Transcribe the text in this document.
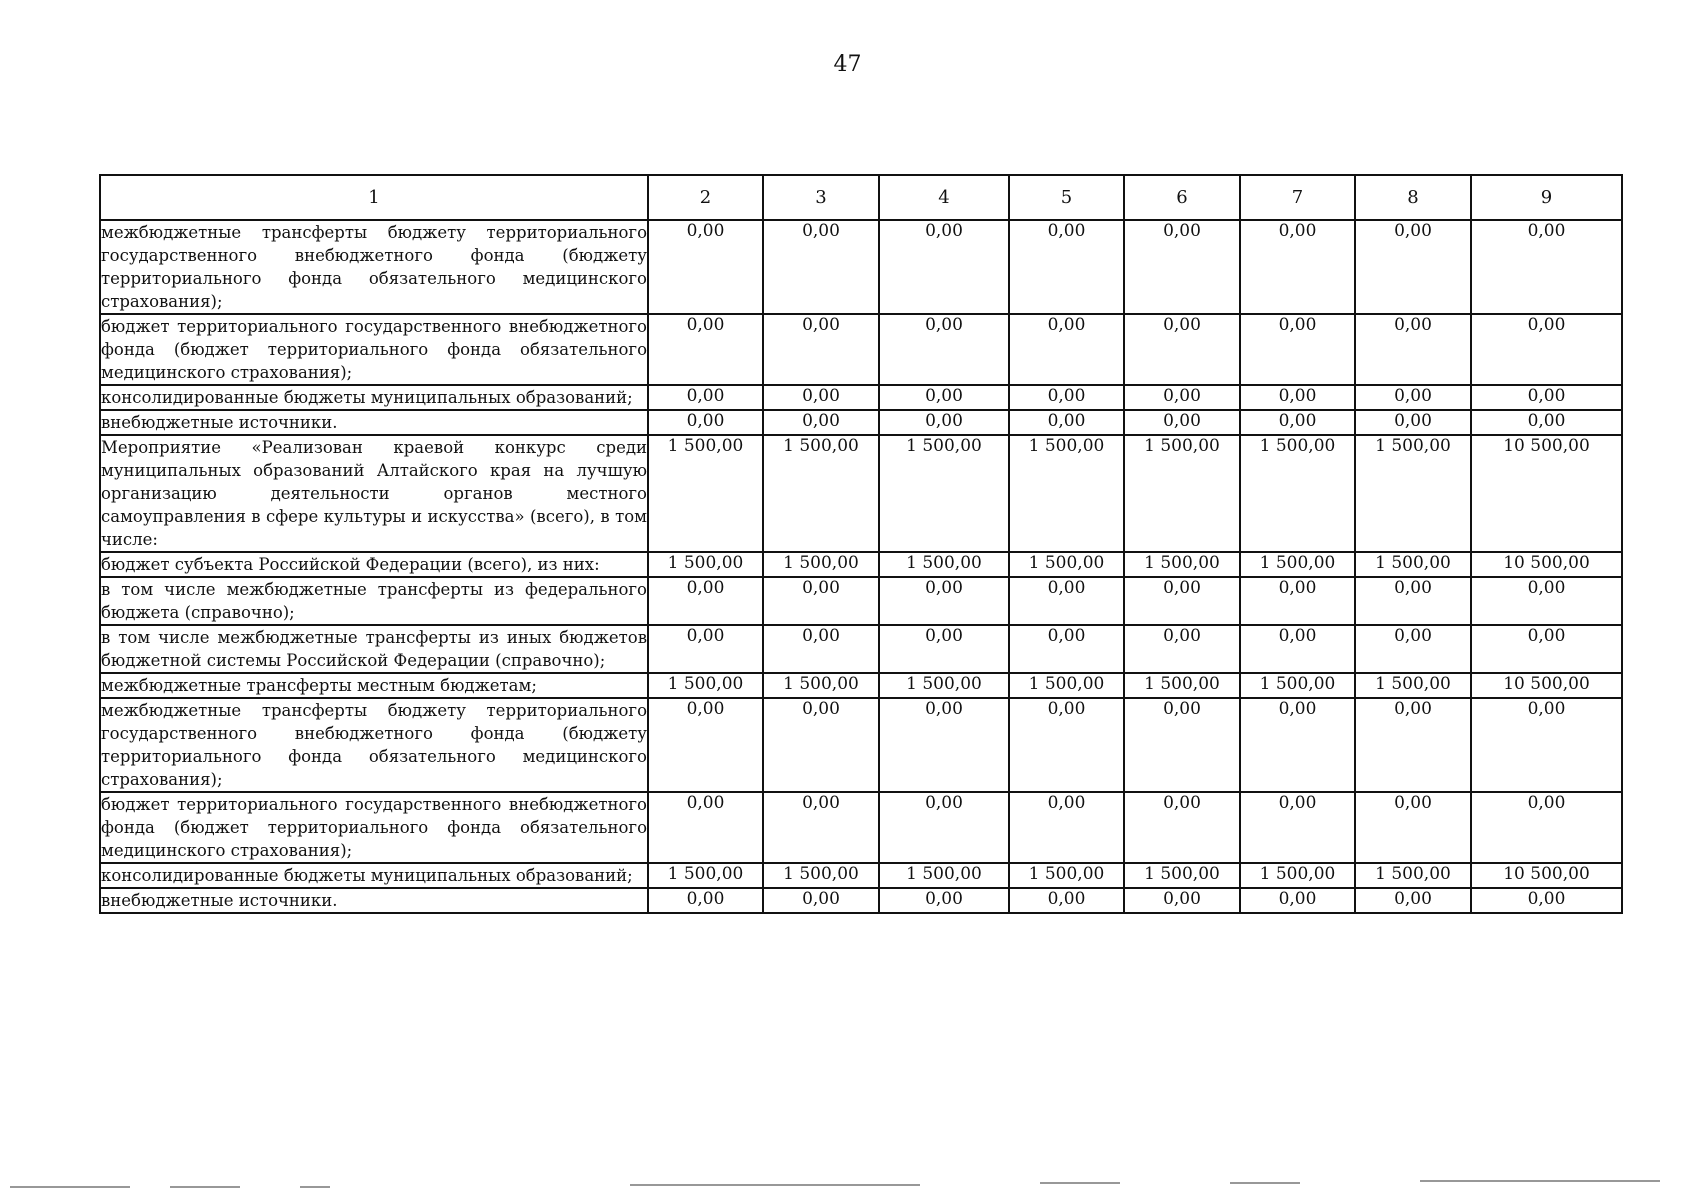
47
1	2	3	4	5	6	7	8	9
межбюджетные трансферты бюджету территориального государственного внебюджетного фонда (бюджету территориального фонда обязательного медицинского страхования);	0,00	0,00	0,00	0,00	0,00	0,00	0,00	0,00
бюджет территориального государственного внебюджетного фонда (бюджет территориального фонда обязательного медицинского страхования);	0,00	0,00	0,00	0,00	0,00	0,00	0,00	0,00
консолидированные бюджеты муниципальных образований;	0,00	0,00	0,00	0,00	0,00	0,00	0,00	0,00
внебюджетные источники.	0,00	0,00	0,00	0,00	0,00	0,00	0,00	0,00
Мероприятие «Реализован краевой конкурс среди муниципальных образований Алтайского края на лучшую организацию деятельности органов местного самоуправления в сфере культуры и искусства» (всего), в том числе:	1 500,00	1 500,00	1 500,00	1 500,00	1 500,00	1 500,00	1 500,00	10 500,00
бюджет субъекта Российской Федерации (всего), из них:	1 500,00	1 500,00	1 500,00	1 500,00	1 500,00	1 500,00	1 500,00	10 500,00
в том числе межбюджетные трансферты из федерального бюджета (справочно);	0,00	0,00	0,00	0,00	0,00	0,00	0,00	0,00
в том числе межбюджетные трансферты из иных бюджетов бюджетной системы Российской Федерации (справочно);	0,00	0,00	0,00	0,00	0,00	0,00	0,00	0,00
межбюджетные трансферты местным бюджетам;	1 500,00	1 500,00	1 500,00	1 500,00	1 500,00	1 500,00	1 500,00	10 500,00
межбюджетные трансферты бюджету территориального государственного внебюджетного фонда (бюджету территориального фонда обязательного медицинского страхования);	0,00	0,00	0,00	0,00	0,00	0,00	0,00	0,00
бюджет территориального государственного внебюджетного фонда (бюджет территориального фонда обязательного медицинского страхования);	0,00	0,00	0,00	0,00	0,00	0,00	0,00	0,00
консолидированные бюджеты муниципальных образований;	1 500,00	1 500,00	1 500,00	1 500,00	1 500,00	1 500,00	1 500,00	10 500,00
внебюджетные источники.	0,00	0,00	0,00	0,00	0,00	0,00	0,00	0,00
